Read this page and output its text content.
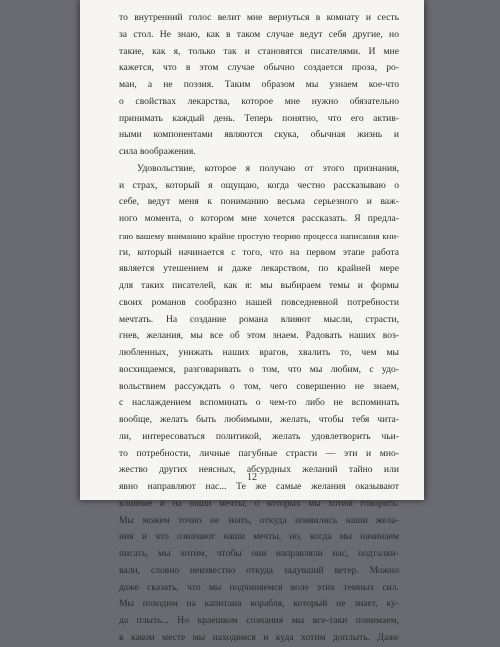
то внутренний голос велит мне вернуться в комнату и сесть
за стол. Не знаю, как в таком случае ведут себя другие, но
такие, как я, только так и становятся писателями. И мне
кажется, что в этом случае обычно создается проза, ро-
ман, а не поэзия. Таким образом мы узнаем кое-что
о свойствах лекарства, которое мне нужно обязательно
принимать каждый день. Теперь понятно, что его актив-
ными компонентами являются скука, обычная жизнь и
сила воображения.
Удовольствие, которое я получаю от этого признания,
и страх, который я ощущаю, когда честно рассказываю о
себе, ведут меня к пониманию весьма серьезного и важ-
ного момента, о котором мне хочется рассказать. Я предла-
гаю вашему вниманию крайне простую теорию процесса написания кни-
ги, который начинается с того, что на первом этапе работа
является утешением и даже лекарством, по крайней мере
для таких писателей, как я: мы выбираем темы и формы
своих романов сообразно нашей повседневной потребности
мечтать. На создание романа влияют мысли, страсти,
гнев, желания, мы все об этом знаем. Радовать наших воз-
любленных, унижать наших врагов, хвалить то, чем мы
восхищаемся, разговаривать о том, что мы любим, с удо-
вольствием рассуждать о том, чего совершенно не знаем,
с наслаждением вспоминать о чем-то либо не вспоминать
вообще, желать быть любимыми, желать, чтобы тебя чита-
ли, интересоваться политикой, желать удовлетворить чьи-
то потребности, личные пагубные страсти — эти и мно-
жество других неясных, абсурдных желаний тайно или
явно направляют нас... Те же самые желания оказывают
влияние и на наши мечты, о которых мы хотим говорить.
Мы можем точно не знать, откуда появились наши жела-
ния и что означают наши мечты, но, когда мы начинаем
писать, мы хотим, чтобы они направляли нас, подталки-
вали, словно неизвестно откуда задувший ветер. Можно
даже сказать, что мы подчиняемся воле этих темных сил.
Мы походим на капитана корабля, который не знает, ку-
да плыть... Но краешком сознания мы все-таки понимаем,
в каком месте мы находимся и куда хотим доплыть. Даже
12
